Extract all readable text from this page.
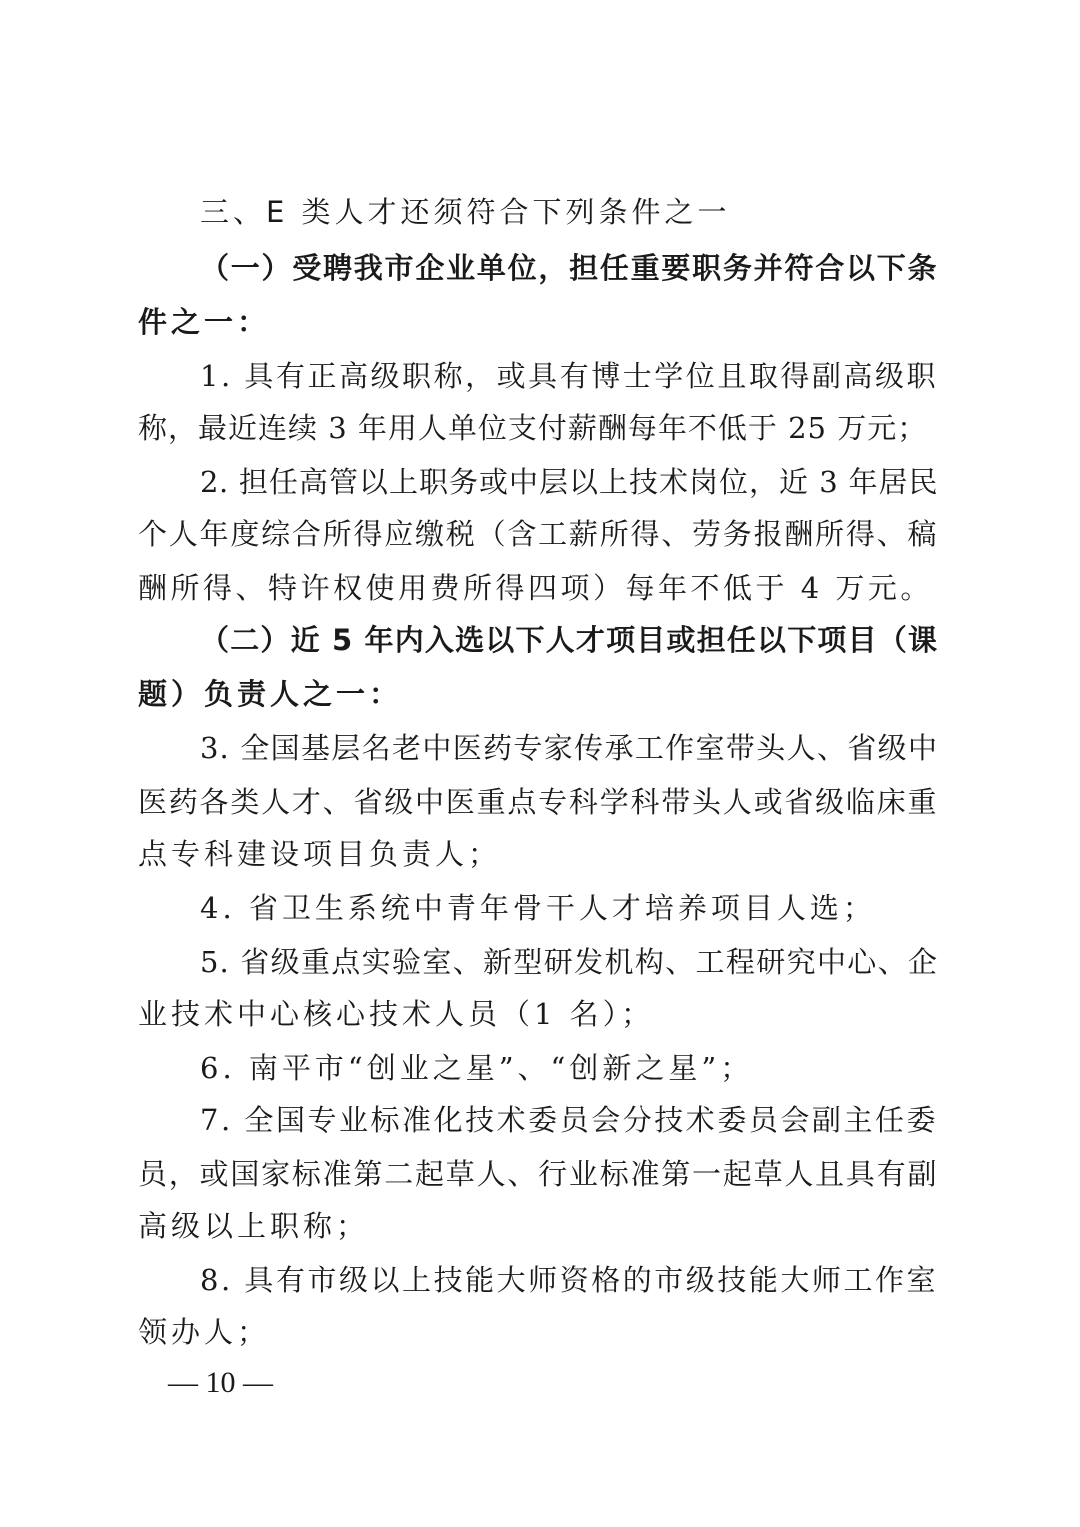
三、E 类人才还须符合下列条件之一
（一）受聘我市企业单位，担任重要职务并符合以下条
件之一：
1. 具有正高级职称，或具有博士学位且取得副高级职
称，最近连续 3 年用人单位支付薪酬每年不低于 25 万元；
2. 担任高管以上职务或中层以上技术岗位，近 3 年居民
个人年度综合所得应缴税（含工薪所得、劳务报酬所得、稿
酬所得、特许权使用费所得四项）每年不低于 4 万元。
（二）近 5 年内入选以下人才项目或担任以下项目（课
题）负责人之一：
3. 全国基层名老中医药专家传承工作室带头人、省级中
医药各类人才、省级中医重点专科学科带头人或省级临床重
点专科建设项目负责人；
4. 省卫生系统中青年骨干人才培养项目人选；
5. 省级重点实验室、新型研发机构、工程研究中心、企
业技术中心核心技术人员（1 名）；
6. 南平市“创业之星”、“创新之星”；
7. 全国专业标准化技术委员会分技术委员会副主任委
员，或国家标准第二起草人、行业标准第一起草人且具有副
高级以上职称；
8. 具有市级以上技能大师资格的市级技能大师工作室
领办人；
— 10 —
